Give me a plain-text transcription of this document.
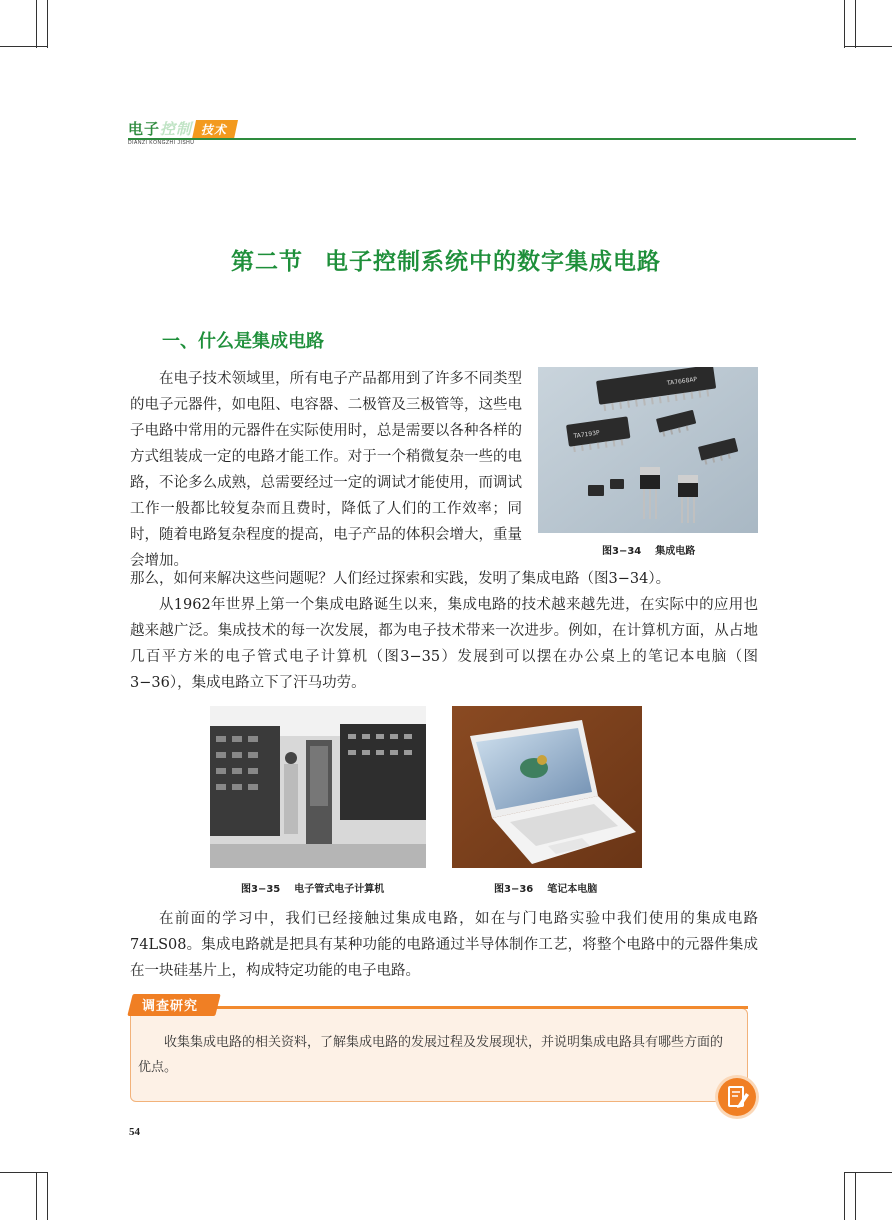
电子控制 技术
DIANZI KONGZHI JISHU
第二节 电子控制系统中的数字集成电路
一、什么是集成电路

在电子技术领域里，所有电子产品都用到了许多不同类型的电子元器件，如电阻、电容器、二极管及三极管等，这些电子电路中常用的元器件在实际使用时，总是需要以各种各样的方式组装成一定的电路才能工作。对于一个稍微复杂一些的电路，不论多么成熟，总需要经过一定的调试才能使用，而调试工作一般都比较复杂而且费时，降低了人们的工作效率；同时，随着电路复杂程度的提高，电子产品的体积会增大，重量会增加。

那么，如何来解决这些问题呢？人们经过探索和实践，发明了集成电路（图3−34）。

TA7668AP
TA7193P
图3−34 集成电路

从1962年世界上第一个集成电路诞生以来，集成电路的技术越来越先进，在实际中的应用也越来越广泛。集成技术的每一次发展，都为电子技术带来一次进步。例如，在计算机方面，从占地几百平方米的电子管式电子计算机（图3−35）发展到可以摆在办公桌上的笔记本电脑（图3−36），集成电路立下了汗马功劳。

图3−35 电子管式电子计算机	图3−36 笔记本电脑

在前面的学习中，我们已经接触过集成电路，如在与门电路实验中我们使用的集成电路 74LS08。集成电路就是把具有某种功能的电路通过半导体制作工艺，将整个电路中的元器件集成在一块硅基片上，构成特定功能的电子电路。

调查研究

收集集成电路的相关资料，了解集成电路的发展过程及发展现状，并说明集成电路具有哪些方面的优点。

54
